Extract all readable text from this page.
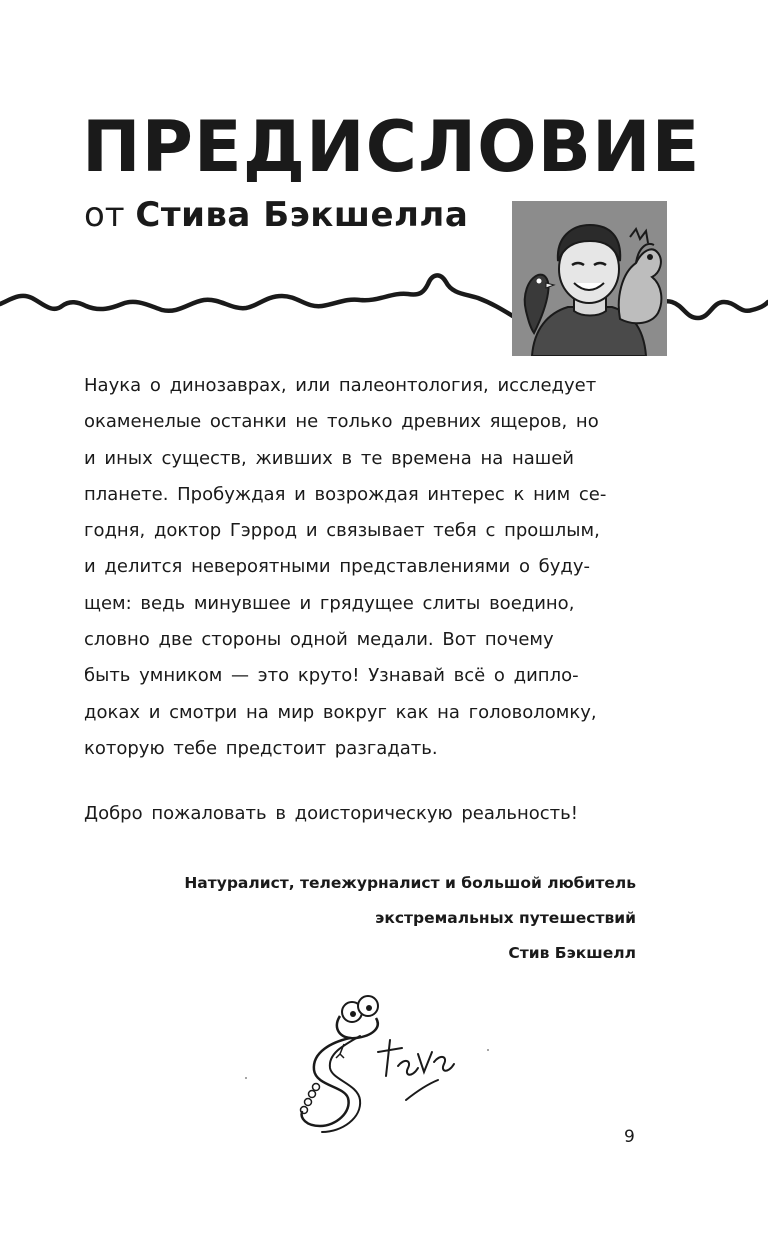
ПРЕДИСЛОВИЕ
от Стива Бэкшелла
Наука о динозаврах, или палеонтология, исследует
окаменелые останки не только древних ящеров, но
и иных существ, живших в те времена на нашей
планете. Пробуждая и возрождая интерес к ним се-
годня, доктор Гэррод и связывает тебя с прошлым,
и делится невероятными представлениями о буду-
щем: ведь минувшее и грядущее слиты воедино,
словно две стороны одной медали. Вот почему
быть умником — это круто! Узнавай всё о дипло-
доках и смотри на мир вокруг как на головоломку,
которую тебе предстоит разгадать.
Добро пожаловать в доисторическую реальность!
Натуралист, тележурналист и большой любитель
экстремальных путешествий
Стив Бэкшелл
9
